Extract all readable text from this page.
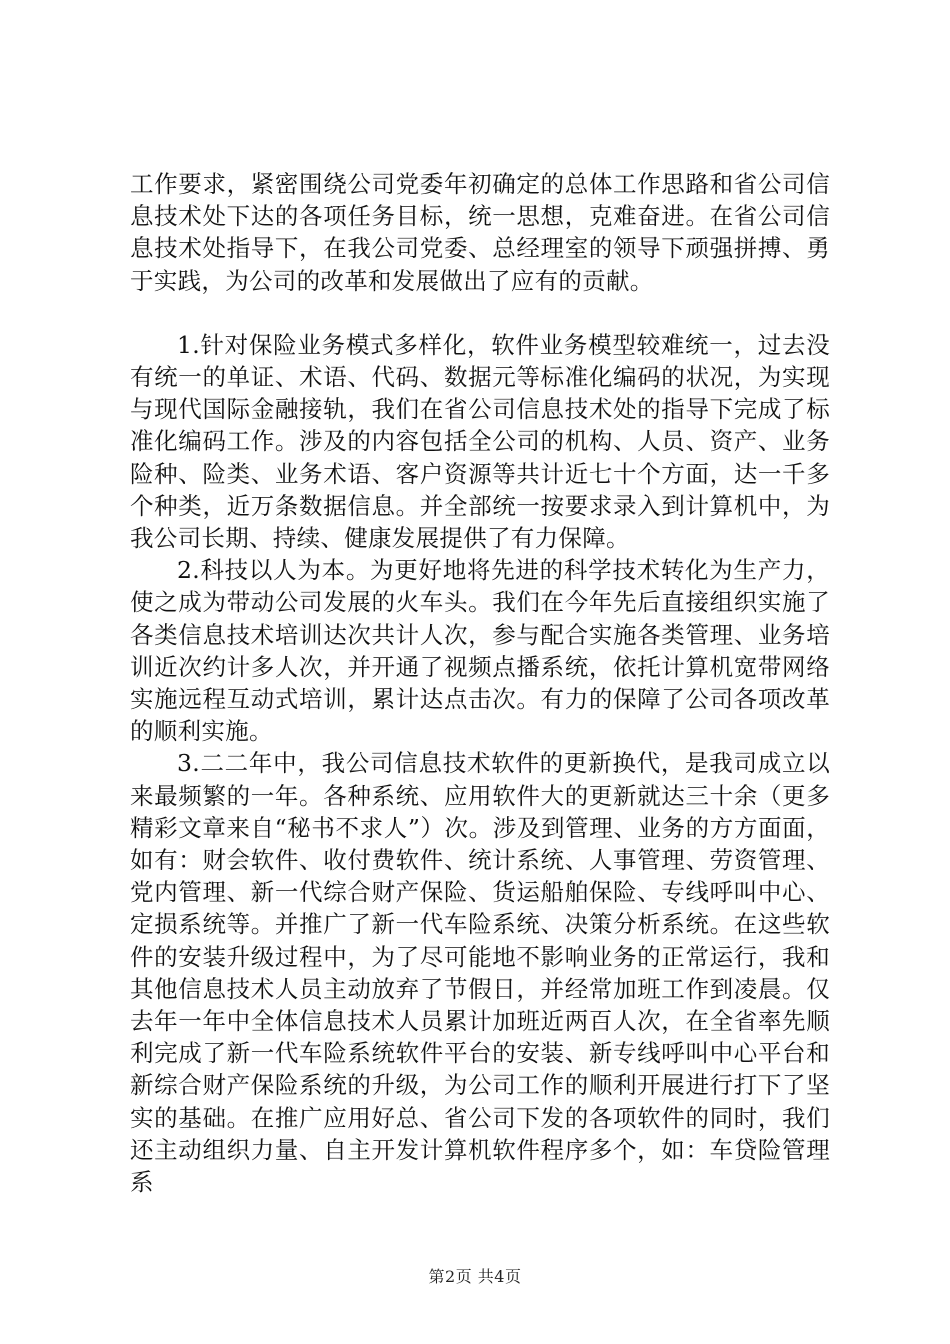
工作要求，紧密围绕公司党委年初确定的总体工作思路和省公司信息技术处下达的各项任务目标，统一思想，克难奋进。在省公司信息技术处指导下，在我公司党委、总经理室的领导下顽强拼搏、勇于实践，为公司的改革和发展做出了应有的贡献。

1.针对保险业务模式多样化，软件业务模型较难统一，过去没有统一的单证、术语、代码、数据元等标准化编码的状况，为实现与现代国际金融接轨，我们在省公司信息技术处的指导下完成了标准化编码工作。涉及的内容包括全公司的机构、人员、资产、业务险种、险类、业务术语、客户资源等共计近七十个方面，达一千多个种类，近万条数据信息。并全部统一按要求录入到计算机中，为我公司长期、持续、健康发展提供了有力保障。

2.科技以人为本。为更好地将先进的科学技术转化为生产力，使之成为带动公司发展的火车头。我们在今年先后直接组织实施了各类信息技术培训达次共计人次，参与配合实施各类管理、业务培训近次约计多人次，并开通了视频点播系统，依托计算机宽带网络实施远程互动式培训，累计达点击次。有力的保障了公司各项改革的顺利实施。

3.二二年中，我公司信息技术软件的更新换代，是我司成立以来最频繁的一年。各种系统、应用软件大的更新就达三十余（更多精彩文章来自“秘书不求人”）次。涉及到管理、业务的方方面面，如有：财会软件、收付费软件、统计系统、人事管理、劳资管理、党内管理、新一代综合财产保险、货运船舶保险、专线呼叫中心、定损系统等。并推广了新一代车险系统、决策分析系统。在这些软件的安装升级过程中，为了尽可能地不影响业务的正常运行，我和其他信息技术人员主动放弃了节假日，并经常加班工作到凌晨。仅去年一年中全体信息技术人员累计加班近两百人次，在全省率先顺利完成了新一代车险系统软件平台的安装、新专线呼叫中心平台和新综合财产保险系统的升级，为公司工作的顺利开展进行打下了坚实的基础。在推广应用好总、省公司下发的各项软件的同时，我们还主动组织力量、自主开发计算机软件程序多个，如：车贷险管理系

第2页 共4页
